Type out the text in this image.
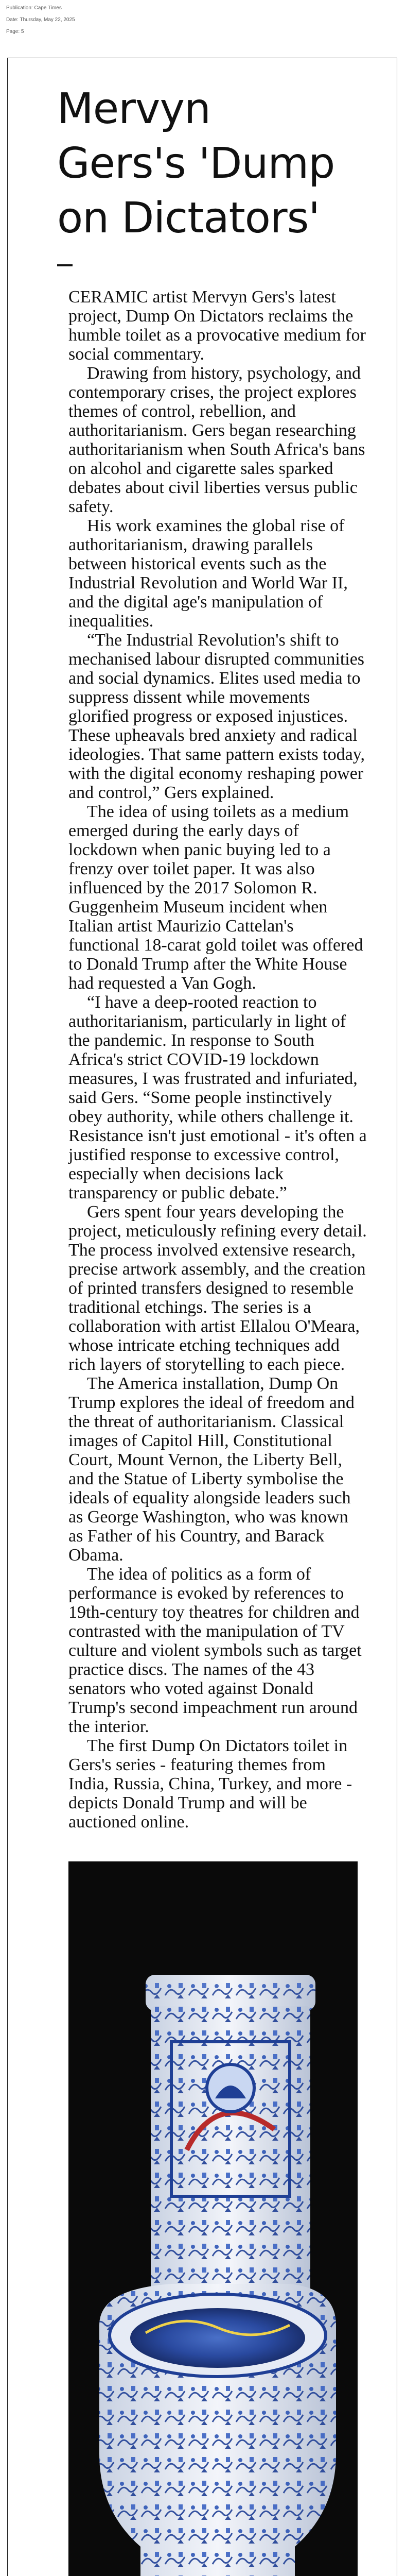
Publication: Cape Times
Date: Thursday, May 22, 2025
Page: 5
Mervyn Gers's 'Dump on Dictators'

CERAMIC artist Mervyn Gers's latest project, Dump On Dictators reclaims the humble toilet as a provocative medium for social commentary.

Drawing from history, psychology, and contemporary crises, the project explores themes of control, rebellion, and authoritarianism. Gers began researching authoritarianism when South Africa's bans on alcohol and cigarette sales sparked debates about civil liberties versus public safety.

His work examines the global rise of authoritarianism, drawing parallels between historical events such as the Industrial Revolution and World War II, and the digital age's manipulation of inequalities.

“The Industrial Revolution's shift to mechanised labour disrupted communities and social dynamics. Elites used media to suppress dissent while movements glorified progress or exposed injustices. These upheavals bred anxiety and radical ideologies. That same pattern exists today, with the digital economy reshaping power and control,” Gers explained.

The idea of using toilets as a medium emerged during the early days of lockdown when panic buying led to a frenzy over toilet paper. It was also influenced by the 2017 Solomon R. Guggenheim Museum incident when Italian artist Maurizio Cattelan's functional 18-carat gold toilet was offered to Donald Trump after the White House had requested a Van Gogh.

“I have a deep-rooted reaction to authoritarianism, particularly in light of the pandemic. In response to South Africa's strict COVID-19 lockdown measures, I was frustrated and infuriated, said Gers. “Some people instinctively obey authority, while others challenge it. Resistance isn't just emotional - it's often a justified response to excessive control, especially when decisions lack transparency or public debate.”

Gers spent four years developing the project, meticulously refining every detail. The process involved extensive research, precise artwork assembly, and the creation of printed transfers designed to resemble traditional etchings. The series is a collaboration with artist Ellalou O'Meara, whose intricate etching techniques add rich layers of storytelling to each piece.

The America installation, Dump On Trump explores the ideal of freedom and the threat of authoritarianism. Classical images of Capitol Hill, Constitutional Court, Mount Vernon, the Liberty Bell, and the Statue of Liberty symbolise the ideals of equality alongside leaders such as George Washington, who was known as Father of his Country, and Barack Obama.

The idea of politics as a form of performance is evoked by references to 19th-century toy theatres for children and contrasted with the manipulation of TV culture and violent symbols such as target practice discs. The names of the 43 senators who voted against Donald Trump's second impeachment run around the interior.

The first Dump On Dictators toilet in Gers's series - featuring themes from India, Russia, China, Turkey, and more - depicts Donald Trump and will be auctioned online.
